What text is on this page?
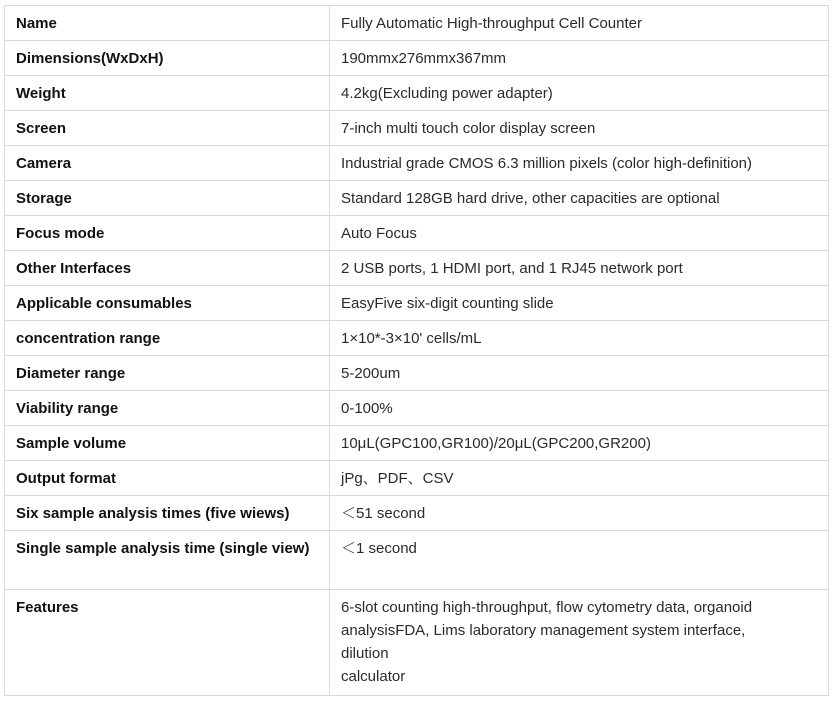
Name	Fully Automatic High-throughput Cell Counter
Dimensions(WxDxH)	190mmx276mmx367mm
Weight	4.2kg(Excluding power adapter)
Screen	7-inch multi touch color display screen
Camera	Industrial grade CMOS 6.3 million pixels (color high-definition)
Storage	Standard 128GB hard drive, other capacities are optional
Focus mode	Auto Focus
Other Interfaces	2 USB ports, 1 HDMI port, and 1 RJ45 network port
Applicable consumables	EasyFive six-digit counting slide
concentration range	1×10*-3×10' cells/mL
Diameter range	5-200um
Viability range	0-100%
Sample volume	10μL(GPC100,GR100)/20μL(GPC200,GR200)
Output format	jPg、PDF、CSV
Six sample analysis times (five wiews)	＜51 second
Single sample analysis time (single view)	＜1 second
Features	6-slot counting high-throughput, flow cytometry data, organoid
analysisFDA, Lims laboratory management system interface,
dilution
calculator
